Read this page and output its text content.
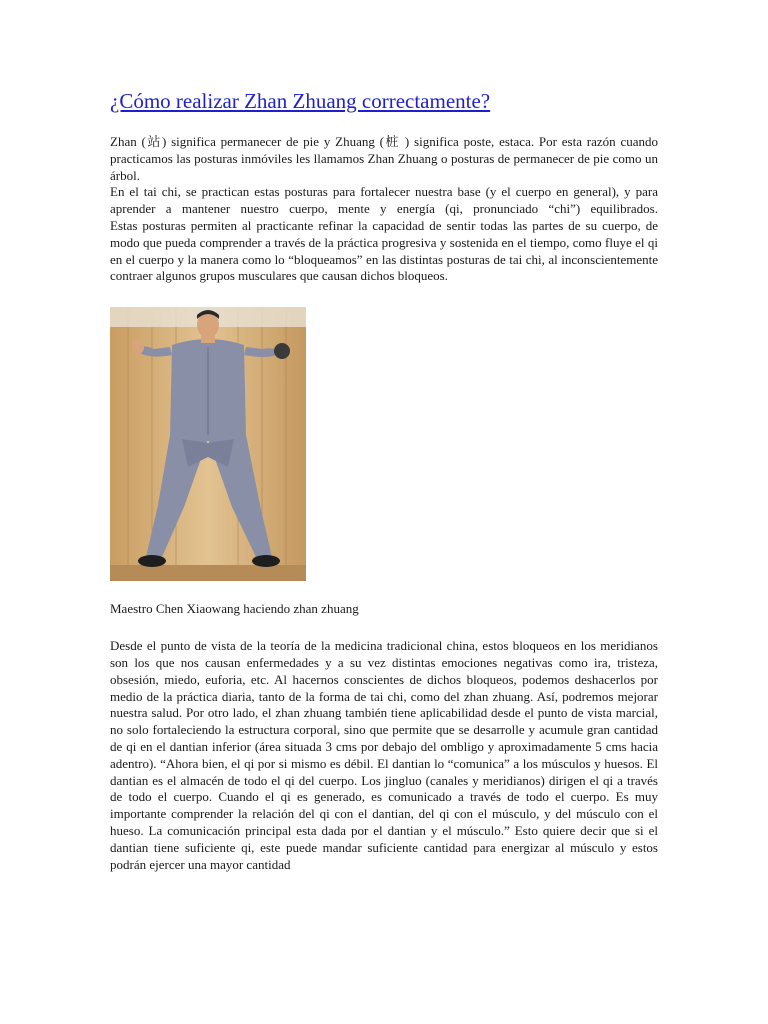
¿Cómo realizar Zhan Zhuang correctamente?

Zhan (站) significa permanecer de pie y Zhuang (桩 ) significa poste, estaca. Por esta razón cuando practicamos las posturas inmóviles les llamamos Zhan Zhuang o posturas de permanecer de pie como un árbol.

En el tai chi, se practican estas posturas para fortalecer nuestra base (y el cuerpo en general), y para aprender a mantener nuestro cuerpo, mente y energía (qi, pronunciado “chi”) equilibrados.

Estas posturas permiten al practicante refinar la capacidad de sentir todas las partes de su cuerpo, de modo que pueda comprender a través de la práctica progresiva y sostenida en el tiempo, como fluye el qi en el cuerpo y la manera como lo “bloqueamos” en las distintas posturas de tai chi, al inconscientemente contraer algunos grupos musculares que causan dichos bloqueos.

Maestro Chen Xiaowang haciendo zhan zhuang

Desde el punto de vista de la teoría de la medicina tradicional china, estos bloqueos en los meridianos son los que nos causan enfermedades y a su vez distintas emociones negativas como ira, tristeza, obsesión, miedo, euforia, etc. Al hacernos conscientes de dichos bloqueos, podemos deshacerlos por medio de la práctica diaria, tanto de la forma de tai chi, como del zhan zhuang. Así, podremos mejorar nuestra salud. Por otro lado, el zhan zhuang también tiene aplicabilidad desde el punto de vista marcial, no solo fortaleciendo la estructura corporal, sino que permite que se desarrolle y acumule gran cantidad de qi en el dantian inferior (área situada 3 cms por debajo del ombligo y aproximadamente 5 cms hacia adentro). “Ahora bien, el qi por si mismo es débil. El dantian lo “comunica” a los músculos y huesos. El dantian es el almacén de todo el qi del cuerpo. Los jingluo (canales y meridianos) dirigen el qi a través de todo el cuerpo. Cuando el qi es generado, es comunicado a través de todo el cuerpo. Es muy importante comprender la relación del qi con el dantian, del qi con el músculo, y del músculo con el hueso. La comunicación principal esta dada por el dantian y el músculo.” Esto quiere decir que si el dantian tiene suficiente qi, este puede mandar suficiente cantidad para energizar al músculo y estos podrán ejercer una mayor cantidad
